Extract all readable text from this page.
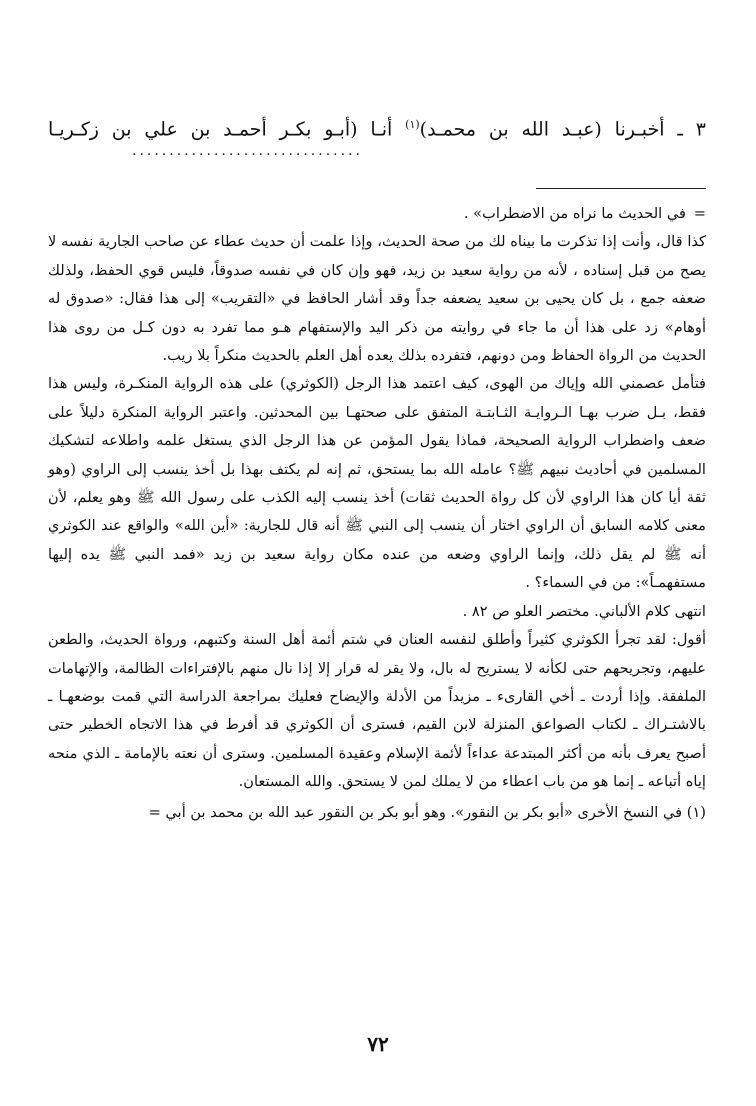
٣ ـ أخبـرنا (عبـد الله بن محمـد)$^{(١)}$ أنـا (أبـو بكـر أحمـد بن علي بن زكـريـا
...............................

=
في الحديث ما نراه من الاضطراب» .

كذا قال، وأنت إذا تذكرت ما بيناه لك من صحة الحديث، وإذا علمت أن حديث عطاء عن صاحب الجارية نفسه لا يصح من قبل إسناده ، لأنه من رواية سعيد بن زيد، فهو وإن كان في نفسه صدوقاً، فليس قوي الحفظ، ولذلك ضعفه جمع ، بل كان يحيى بن سعيد يضعفه جداً وقد أشار الحافظ في «التقريب» إلى هذا فقال: «صدوق له أوهام» زد على هذا أن ما جاء في روايته من ذكر اليد والإستفهام هـو مما تفرد به دون كـل من روى هذا الحديث من الرواة الحفاظ ومن دونهم، فتفرده بذلك يعده أهل العلم بالحديث منكراً بلا ريب.

فتأمل عصمني الله وإياك من الهوى، كيف اعتمد هذا الرجل (الكوثري) على هذه الرواية المنكـرة، وليس هذا فقط، بـل ضرب بهـا الـروايـة الثـابتـة المتفق على صحتهـا بين المحدثين. واعتبر الرواية المنكرة دليلاً على ضعف واضطراب الرواية الصحيحة، فماذا يقول المؤمن عن هذا الرجل الذي يستغل علمه واطلاعه لتشكيك المسلمين في أحاديث نبيهم ﷺ؟ عامله الله بما يستحق، ثم إنه لم يكتف بهذا بل أخذ ينسب إلى الراوي (وهو ثقة أيا كان هذا الراوي لأن كل رواة الحديث ثقات) أخذ ينسب إليه الكذب على رسول الله ﷺ وهو يعلم، لأن معنى كلامه السابق أن الراوي اختار أن ينسب إلى النبي ﷺ أنه قال للجارية: «أين الله» والواقع عند الكوثري أنه ﷺ لم يقل ذلك، وإنما الراوي وضعه من عنده مكان رواية سعيد بن زيد «فمد النبي ﷺ يده إليها مستفهمـاً»: من في السماء؟ .

انتهى كلام الألباني. مختصر العلو ص ٨٢ .

أقول: لقد تجرأ الكوثري كثيراً وأطلق لنفسه العنان في شتم أئمة أهل السنة وكتبهم، ورواة الحديث، والطعن عليهم، وتجريحهم حتى لكأنه لا يستريح له بال، ولا يقر له قرار إلا إذا نال منهم بالإفتراءات الظالمة، والإتهامات الملفقة. وإذا أردت ـ أخي القارىء ـ مزيداً من الأدلة والإيضاح فعليك بمراجعة الدراسة التي قمت بوضعهـا ـ بالاشتـراك ـ لكتاب الصواعق المنزلة لابن القيم، فسترى أن الكوثري قد أفرط في هذا الاتجاه الخطير حتى أصبح يعرف بأنه من أكثر المبتدعة عداءاً لأئمة الإسلام وعقيدة المسلمين. وسترى أن نعته بالإمامة ـ الذي منحه إياه أتباعه ـ إنما هو من باب اعطاء من لا يملك لمن لا يستحق. والله المستعان.

(١) في النسخ الأخرى «أبو بكر بن النقور». وهو أبو بكر بن النقور عبد الله بن محمد بن أبي =

٧٢
